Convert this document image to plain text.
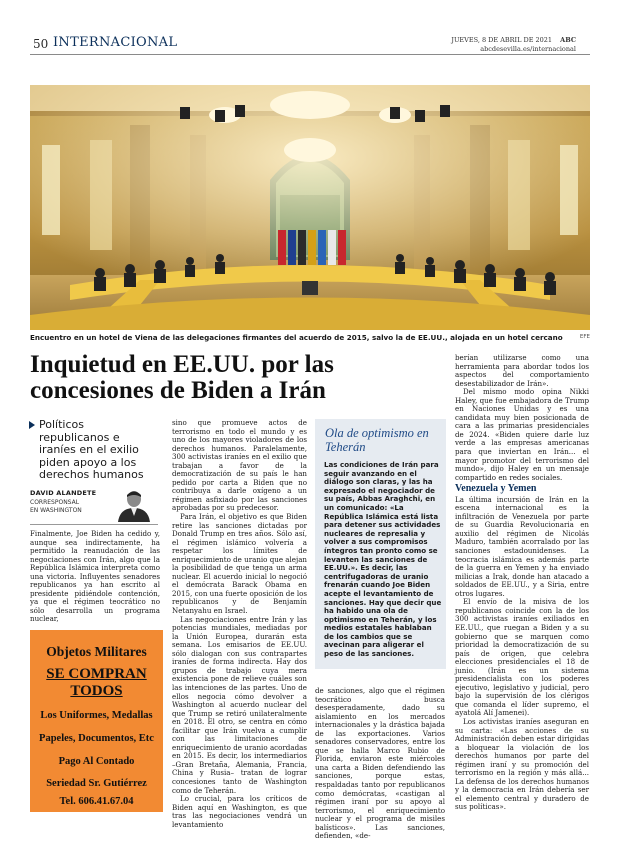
50 INTERNACIONAL	JUEVES, 8 DE ABRIL DE 2021 ABC
abcdesevilla.es/internacional
Encuentro en un hotel de Viena de las delegaciones firmantes del acuerdo de 2015, salvo la de EE.UU., alojada en un hotel cercano	EFE
Inquietud en EE.UU. por las concesiones de Biden a Irán
Políticos republicanos e iraníes en el exilio piden apoyo a los derechos humanos
DAVID ALANDETE
CORRESPONSAL
EN WASHINGTON

Finalmente, Joe Biden ha cedido y, aunque sea indirectamente, ha permitido la reanudación de las negociaciones con Irán, algo que la República Islámica interpreta como una victoria. Influyentes senadores republicanos ya han escrito al presidente pidiéndole contención, ya que el régimen teocrático no sólo desarrolla un programa nuclear,

Objetos Militares
SE COMPRAN
TODOS
Los Uniformes, Medallas
Papeles, Documentos, Etc
Pago Al Contado
Seriedad Sr. Gutiérrez
Tel. 606.41.67.04

sino que promueve actos de terrorismo en todo el mundo y es uno de los mayores violadores de los derechos humanos. Paralelamente, 300 activistas iraníes en el exilio que trabajan a favor de la democratización de su país le han pedido por carta a Biden que no contribuya a darle oxígeno a un régimen asfixiado por las sanciones aprobadas por su predecesor.

Para Irán, el objetivo es que Biden retire las sanciones dictadas por Donald Trump en tres años. Sólo así, el régimen islámico volvería a respetar los límites de enriquecimiento de uranio que alejan la posibilidad de que tenga un arma nuclear. El acuerdo inicial lo negoció el demócrata Barack Obama en 2015, con una fuerte oposición de los republicanos y de Benjamín Netanyahu en Israel.

Las negociaciones entre Irán y las potencias mundiales, mediadas por la Unión Europea, durarán esta semana. Los emisarios de EE.UU. sólo dialogan con sus contrapartes iraníes de forma indirecta. Hay dos grupos de trabajo cuya mera existencia pone de relieve cuáles son las intenciones de las partes. Uno de ellos negocia cómo devolver a Washington al acuerdo nuclear del que Trump se retiró unilateralmente en 2018. El otro, se centra en cómo facilitar que Irán vuelva a cumplir con las limitaciones de enriquecimiento de uranio acordadas en 2015. Es decir, los intermediarios –Gran Bretaña, Alemania, Francia, China y Rusia– tratan de lograr concesiones tanto de Washington como de Teherán.

Lo crucial, para los críticos de Biden aquí en Washington, es que tras las negociaciones vendrá un levantamiento

Ola de optimismo en Teherán
Las condiciones de Irán para seguir avanzando en el diálogo son claras, y las ha expresado el negociador de su país, Abbas Araghchi, en un comunicado: «La República Islámica está lista para detener sus actividades nucleares de represalia y volver a sus compromisos íntegros tan pronto como se levanten las sanciones de EE.UU.». Es decir, las centrifugadoras de uranio frenarán cuando Joe Biden acepte el levantamiento de sanciones. Hay que decir que ha habido una ola de optimismo en Teherán, y los medios estatales hablaban de los cambios que se avecinan para aligerar el peso de las sanciones.

de sanciones, algo que el régimen teocrático busca desesperadamente, dado su aislamiento en los mercados internacionales y la drástica bajada de las exportaciones. Varios senadores conservadores, entre los que se halla Marco Rubio de Florida, enviaron este miércoles una carta a Biden defendiendo las sanciones, porque estas, respaldadas tanto por republicanos como demócratas, «castigan al régimen iraní por su apoyo al terrorismo, el enriquecimiento nuclear y el programa de misiles balísticos». Las sanciones, defienden, «de-

berían utilizarse como una herramienta para abordar todos los aspectos del comportamiento desestabilizador de Irán».

Del mismo modo opina Nikki Haley, que fue embajadora de Trump en Naciones Unidas y es una candidata muy bien posicionada de cara a las primarias presidenciales de 2024. «Biden quiere darle luz verde a las empresas americanas para que inviertan en Irán... el mayor promotor del terrorismo del mundo», dijo Haley en un mensaje compartido en redes sociales.

Venezuela y Yemen

La última incursión de Irán en la escena internacional es la infiltración de Venezuela por parte de su Guardia Revolucionaria en auxilio del régimen de Nicolás Maduro, también acorralado por las sanciones estadounidenses. La teocracia islámica es además parte de la guerra en Yemen y ha enviado milicias a Irak, donde han atacado a soldados de EE.UU., y a Siria, entre otros lugares.

El envío de la misiva de los republicanos coincide con la de los 300 activistas iraníes exiliados en EE.UU., que ruegan a Biden y a su gobierno que se marquen como prioridad la democratización de su país de origen, que celebra elecciones presidenciales el 18 de junio. (Irán es un sistema presidencialista con los poderes ejecutivo, legislativo y judicial, pero bajo la supervisión de los clérigos que comanda el líder supremo, el ayatolá Alí Jamenei).

Los activistas iraníes aseguran en su carta: «Las acciones de su Administración deben estar dirigidas a bloquear la violación de los derechos humanos por parte del régimen iraní y su promoción del terrorismo en la región y más allá... La defensa de los derechos humanos y la democracia en Irán debería ser el elemento central y duradero de sus políticas».
